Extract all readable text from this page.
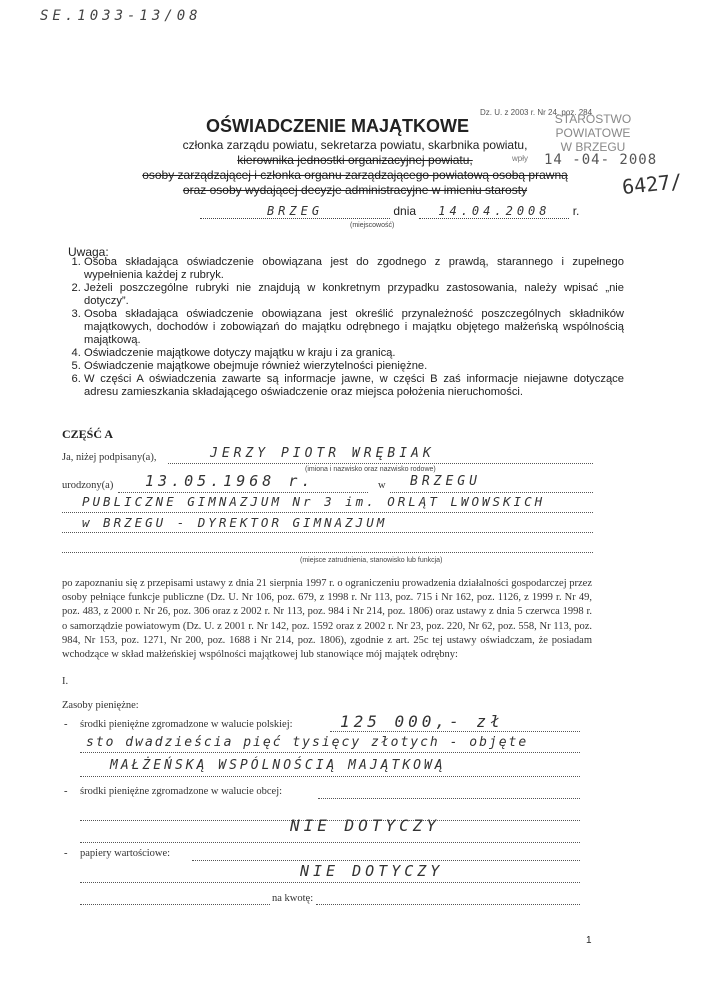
SE.1033-13/08
Dz. U. z 2003 r. Nr 24, poz. 284
STAROSTWO POWIATOWE
W BRZEGU
wpły 14 -04- 2008
6427/
OŚWIADCZENIE MAJĄTKOWE
członka zarządu powiatu, sekretarza powiatu, skarbnika powiatu,
kierownika jednostki organizacyjnej powiatu,
osoby zarządzającej i członka organu zarządzającego powiatową osobą prawną
oraz osoby wydającej decyzje administracyjne w imieniu starosty
BRZEG	dnia 14.04.2008 r.
(miejscowość)
Uwaga:
1. Osoba składająca oświadczenie obowiązana jest do zgodnego z prawdą, starannego i zupełnego wypełnienia każdej z rubryk.
2. Jeżeli poszczególne rubryki nie znajdują w konkretnym przypadku zastosowania, należy wpisać „nie dotyczy”.
3. Osoba składająca oświadczenie obowiązana jest określić przynależność poszczególnych składników majątkowych, dochodów i zobowiązań do majątku odrębnego i majątku objętego małżeńską wspólnością majątkową.
4. Oświadczenie majątkowe dotyczy majątku w kraju i za granicą.
5. Oświadczenie majątkowe obejmuje również wierzytelności pieniężne.
6. W części A oświadczenia zawarte są informacje jawne, w części B zaś informacje niejawne dotyczące adresu zamieszkania składającego oświadczenie oraz miejsca położenia nieruchomości.
CZĘŚĆ A
Ja, niżej podpisany(a),	JERZY PIOTR WRĘBIAK
(imiona i nazwisko oraz nazwisko rodowe)
urodzony(a) 13.05.1968 r.	w BRZEGU
PUBLICZNE GIMNAZJUM Nr 3 im. ORLĄT LWOWSKICH
w BRZEGU - DYREKTOR GIMNAZJUM
(miejsce zatrudnienia, stanowisko lub funkcja)
po zapoznaniu się z przepisami ustawy z dnia 21 sierpnia 1997 r. o ograniczeniu prowadzenia działalności gospodarczej przez osoby pełniące funkcje publiczne (Dz. U. Nr 106, poz. 679, z 1998 r. Nr 113, poz. 715 i Nr 162, poz. 1126, z 1999 r. Nr 49, poz. 483, z 2000 r. Nr 26, poz. 306 oraz z 2002 r. Nr 113, poz. 984 i Nr 214, poz. 1806) oraz ustawy z dnia 5 czerwca 1998 r. o samorządzie powiatowym (Dz. U. z 2001 r. Nr 142, poz. 1592 oraz z 2002 r. Nr 23, poz. 220, Nr 62, poz. 558, Nr 113, poz. 984, Nr 153, poz. 1271, Nr 200, poz. 1688 i Nr 214, poz. 1806), zgodnie z art. 25c tej ustawy oświadczam, że posiadam wchodzące w skład małżeńskiej wspólności majątkowej lub stanowiące mój majątek odrębny:
I.
Zasoby pieniężne:
- środki pieniężne zgromadzone w walucie polskiej:	125 000,- zł
sto dwadzieścia pięć tysięcy złotych - objęte
MAŁŻEŃSKĄ WSPÓLNOŚCIĄ MAJĄTKOWĄ
- środki pieniężne zgromadzone w walucie obcej:
NIE DOTYCZY
- papiery wartościowe:
NIE DOTYCZY
na kwotę:
1
